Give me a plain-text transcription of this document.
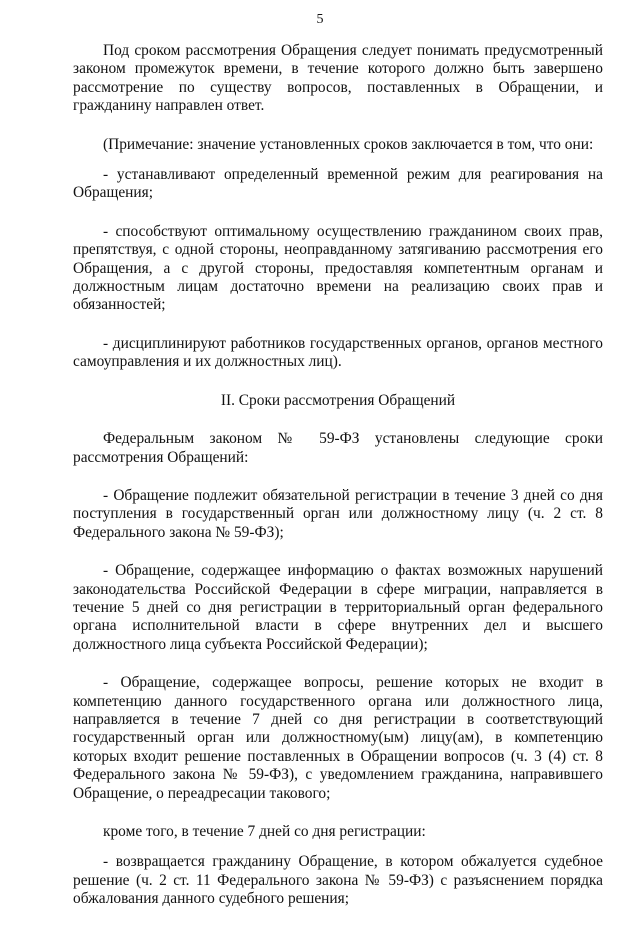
5

Под сроком рассмотрения Обращения следует понимать предусмотренный законом промежуток времени, в течение которого должно быть завершено рассмотрение по существу вопросов, поставленных в Обращении, и гражданину направлен ответ.

(Примечание: значение установленных сроков заключается в том, что они:

- устанавливают определенный временной режим для реагирования на Обращения;

- способствуют оптимальному осуществлению гражданином своих прав, препятствуя, с одной стороны, неоправданному затягиванию рассмотрения его Обращения, а с другой стороны, предоставляя компетентным органам и должностным лицам достаточно времени на реализацию своих прав и обязанностей;

- дисциплинируют работников государственных органов, органов местного самоуправления и их должностных лиц).

II. Сроки рассмотрения Обращений

Федеральным законом № 59-ФЗ установлены следующие сроки рассмотрения Обращений:

- Обращение подлежит обязательной регистрации в течение 3 дней со дня поступления в государственный орган или должностному лицу (ч. 2 ст. 8 Федерального закона № 59-ФЗ);

- Обращение, содержащее информацию о фактах возможных нарушений законодательства Российской Федерации в сфере миграции, направляется в течение 5 дней со дня регистрации в территориальный орган федерального органа исполнительной власти в сфере внутренних дел и высшего должностного лица субъекта Российской Федерации);

- Обращение, содержащее вопросы, решение которых не входит в компетенцию данного государственного органа или должностного лица, направляется в течение 7 дней со дня регистрации в соответствующий государственный орган или должностному(ым) лицу(ам), в компетенцию которых входит решение поставленных в Обращении вопросов (ч. 3 (4) ст. 8 Федерального закона № 59-ФЗ), с уведомлением гражданина, направившего Обращение, о переадресации такового;

кроме того, в течение 7 дней со дня регистрации:

- возвращается гражданину Обращение, в котором обжалуется судебное решение (ч. 2 ст. 11 Федерального закона № 59-ФЗ) с разъяснением порядка обжалования данного судебного решения;
